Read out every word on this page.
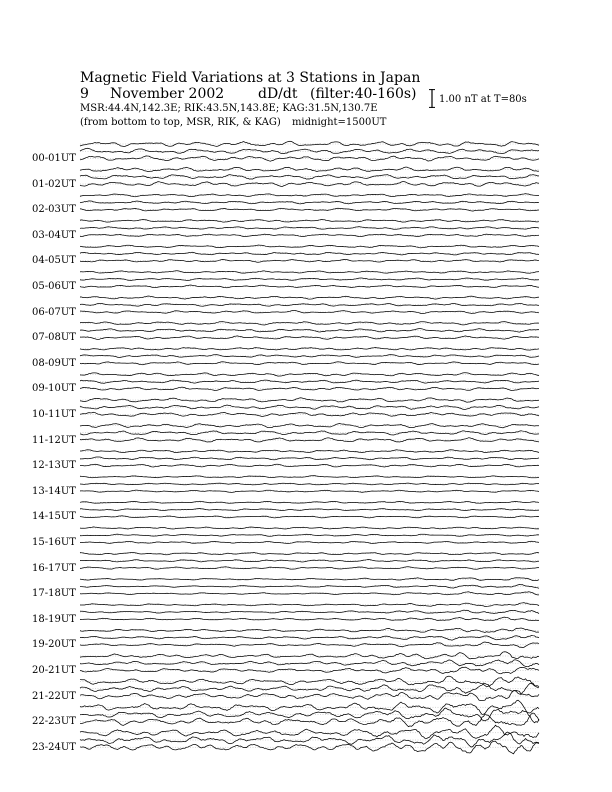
Magnetic Field Variations at 3 Stations in Japan
9 November 2002 dD/dt (filter:40-160s)
MSR:44.4N,142.3E; RIK:43.5N,143.8E; KAG:31.5N,130.7E
(from bottom to top, MSR, RIK, & KAG) midnight=1500UT
1.00 nT at T=80s
00-01UT
01-02UT
02-03UT
03-04UT
04-05UT
05-06UT
06-07UT
07-08UT
08-09UT
09-10UT
10-11UT
11-12UT
12-13UT
13-14UT
14-15UT
15-16UT
16-17UT
17-18UT
18-19UT
19-20UT
20-21UT
21-22UT
22-23UT
23-24UT
